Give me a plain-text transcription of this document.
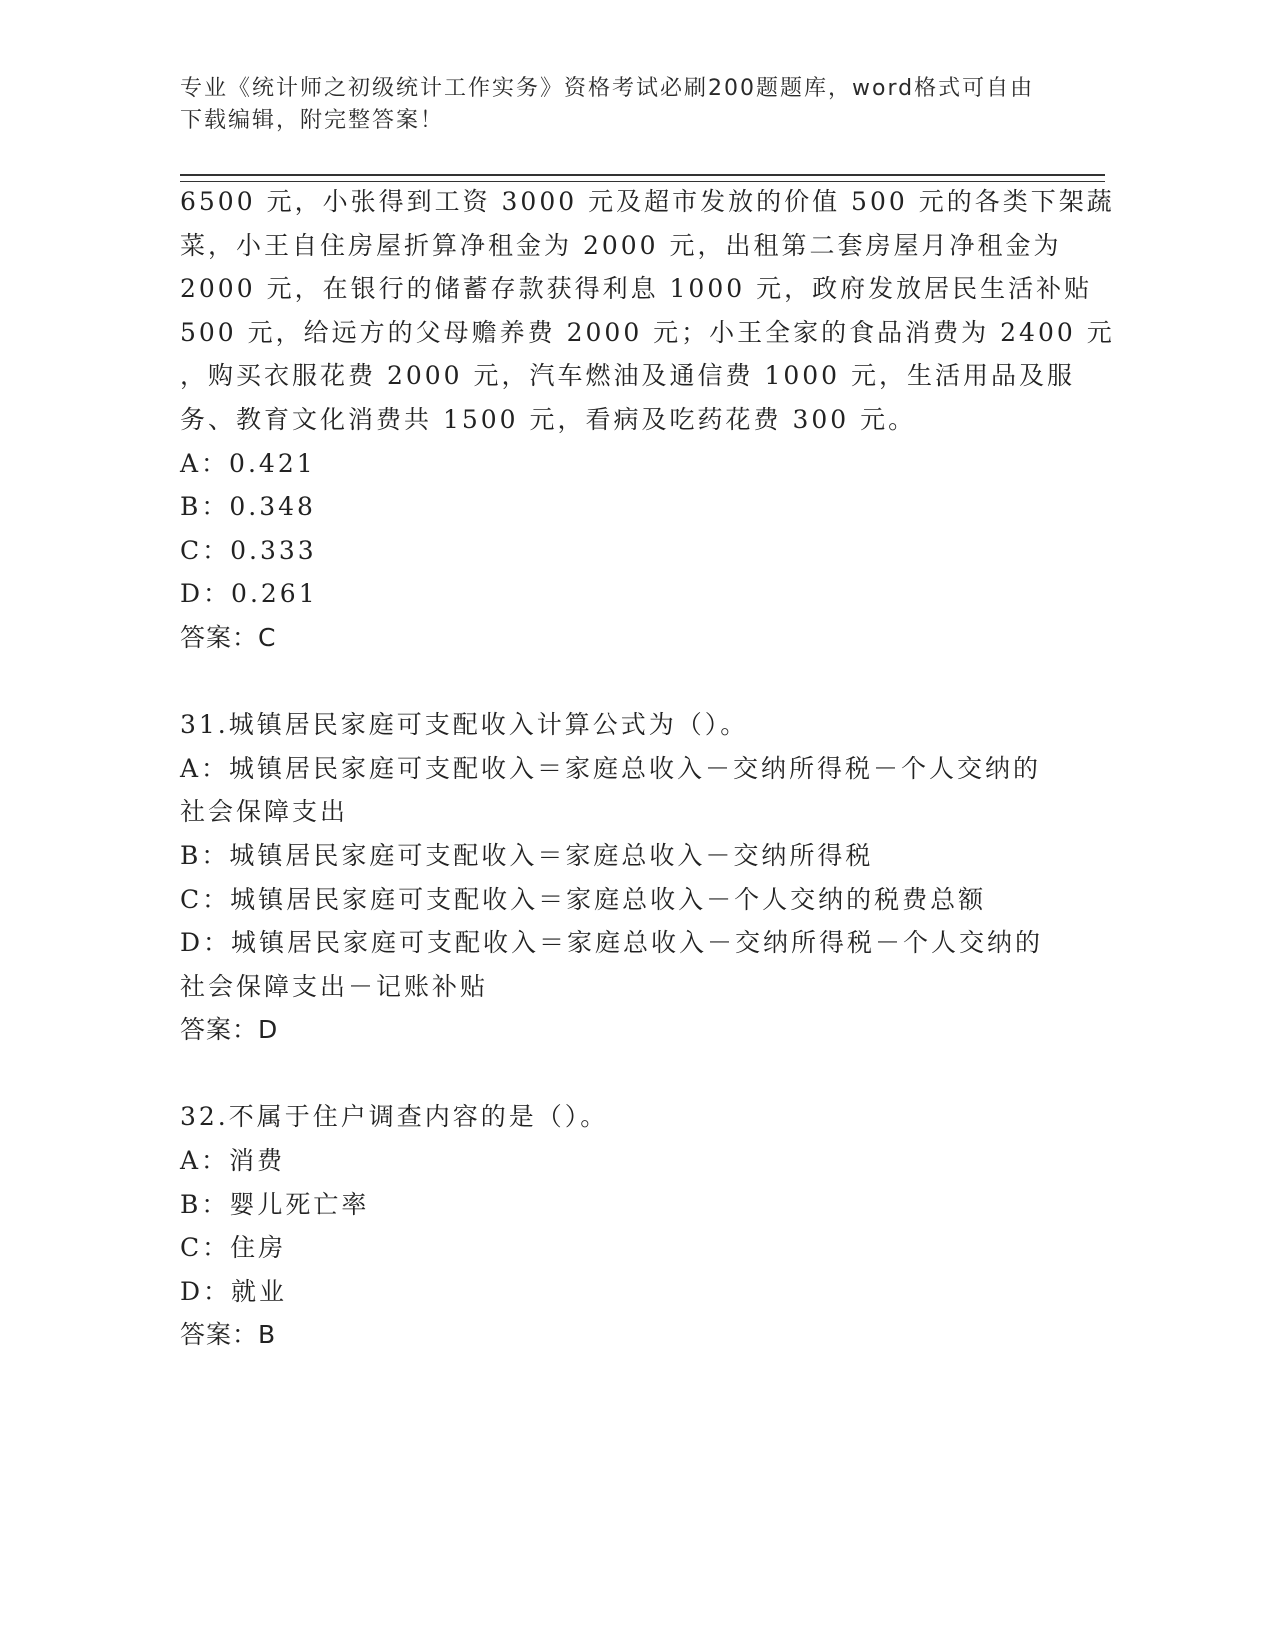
专业《统计师之初级统计工作实务》资格考试必刷200题题库，word格式可自由
下载编辑，附完整答案！
6500 元，小张得到工资 3000 元及超市发放的价值 500 元的各类下架蔬
菜，小王自住房屋折算净租金为 2000 元，出租第二套房屋月净租金为
2000 元，在银行的储蓄存款获得利息 1000 元，政府发放居民生活补贴
500 元，给远方的父母赡养费 2000 元；小王全家的食品消费为 2400 元
，购买衣服花费 2000 元，汽车燃油及通信费 1000 元，生活用品及服
务、教育文化消费共 1500 元，看病及吃药花费 300 元。
A：0.421
B：0.348
C：0.333
D：0.261
答案：C
31.城镇居民家庭可支配收入计算公式为（）。
A：城镇居民家庭可支配收入＝家庭总收入－交纳所得税－个人交纳的
社会保障支出
B：城镇居民家庭可支配收入＝家庭总收入－交纳所得税
C：城镇居民家庭可支配收入＝家庭总收入－个人交纳的税费总额
D：城镇居民家庭可支配收入＝家庭总收入－交纳所得税－个人交纳的
社会保障支出－记账补贴
答案：D
32.不属于住户调查内容的是（）。
A：消费
B：婴儿死亡率
C：住房
D：就业
答案：B
